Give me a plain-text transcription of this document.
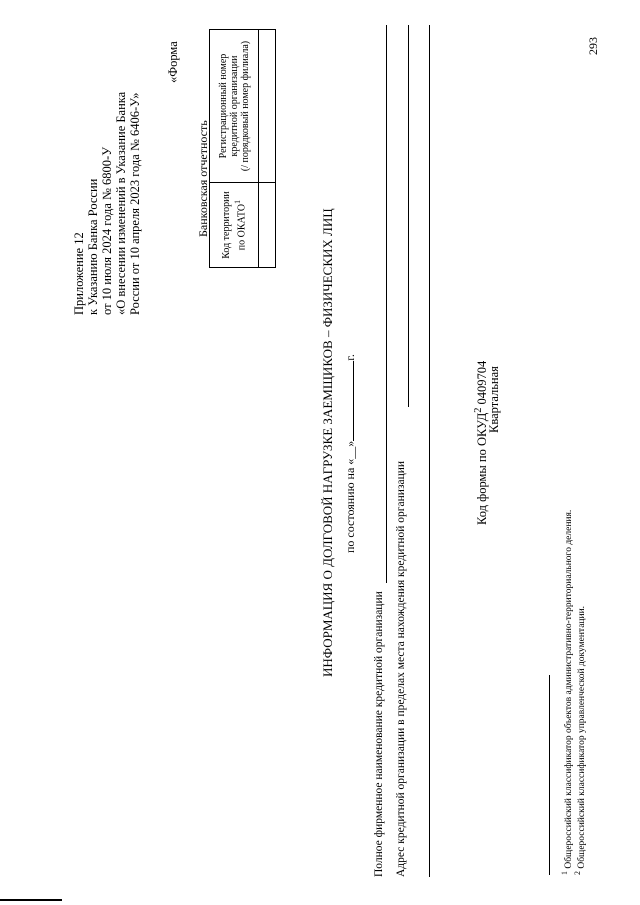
Приложение 12 к Указанию Банка России от 10 июля 2024 года № 6800-У «О внесении изменений в Указание Банка России от 10 апреля 2023 года № 6406-У»
«Форма
Банковская отчетность Код территории по ОКАТО$^1$	Регистрационный номер кредитной организации (/ порядковый номер филиала)

ИНФОРМАЦИЯ О ДОЛГОВОЙ НАГРУЗКЕ ЗАЕМЩИКОВ – ФИЗИЧЕСКИХ ЛИЦ по состоянию на «__»г.
Полное фирменное наименование кредитной организации Адрес кредитной организации в пределах места нахождения кредитной организации	Код формы по ОКУД$^2$ 0409704
Квартальная
293
$^1$ Общероссийский классификатор объектов административно-территориального деления.
$^2$ Общероссийский классификатор управленческой документации.
